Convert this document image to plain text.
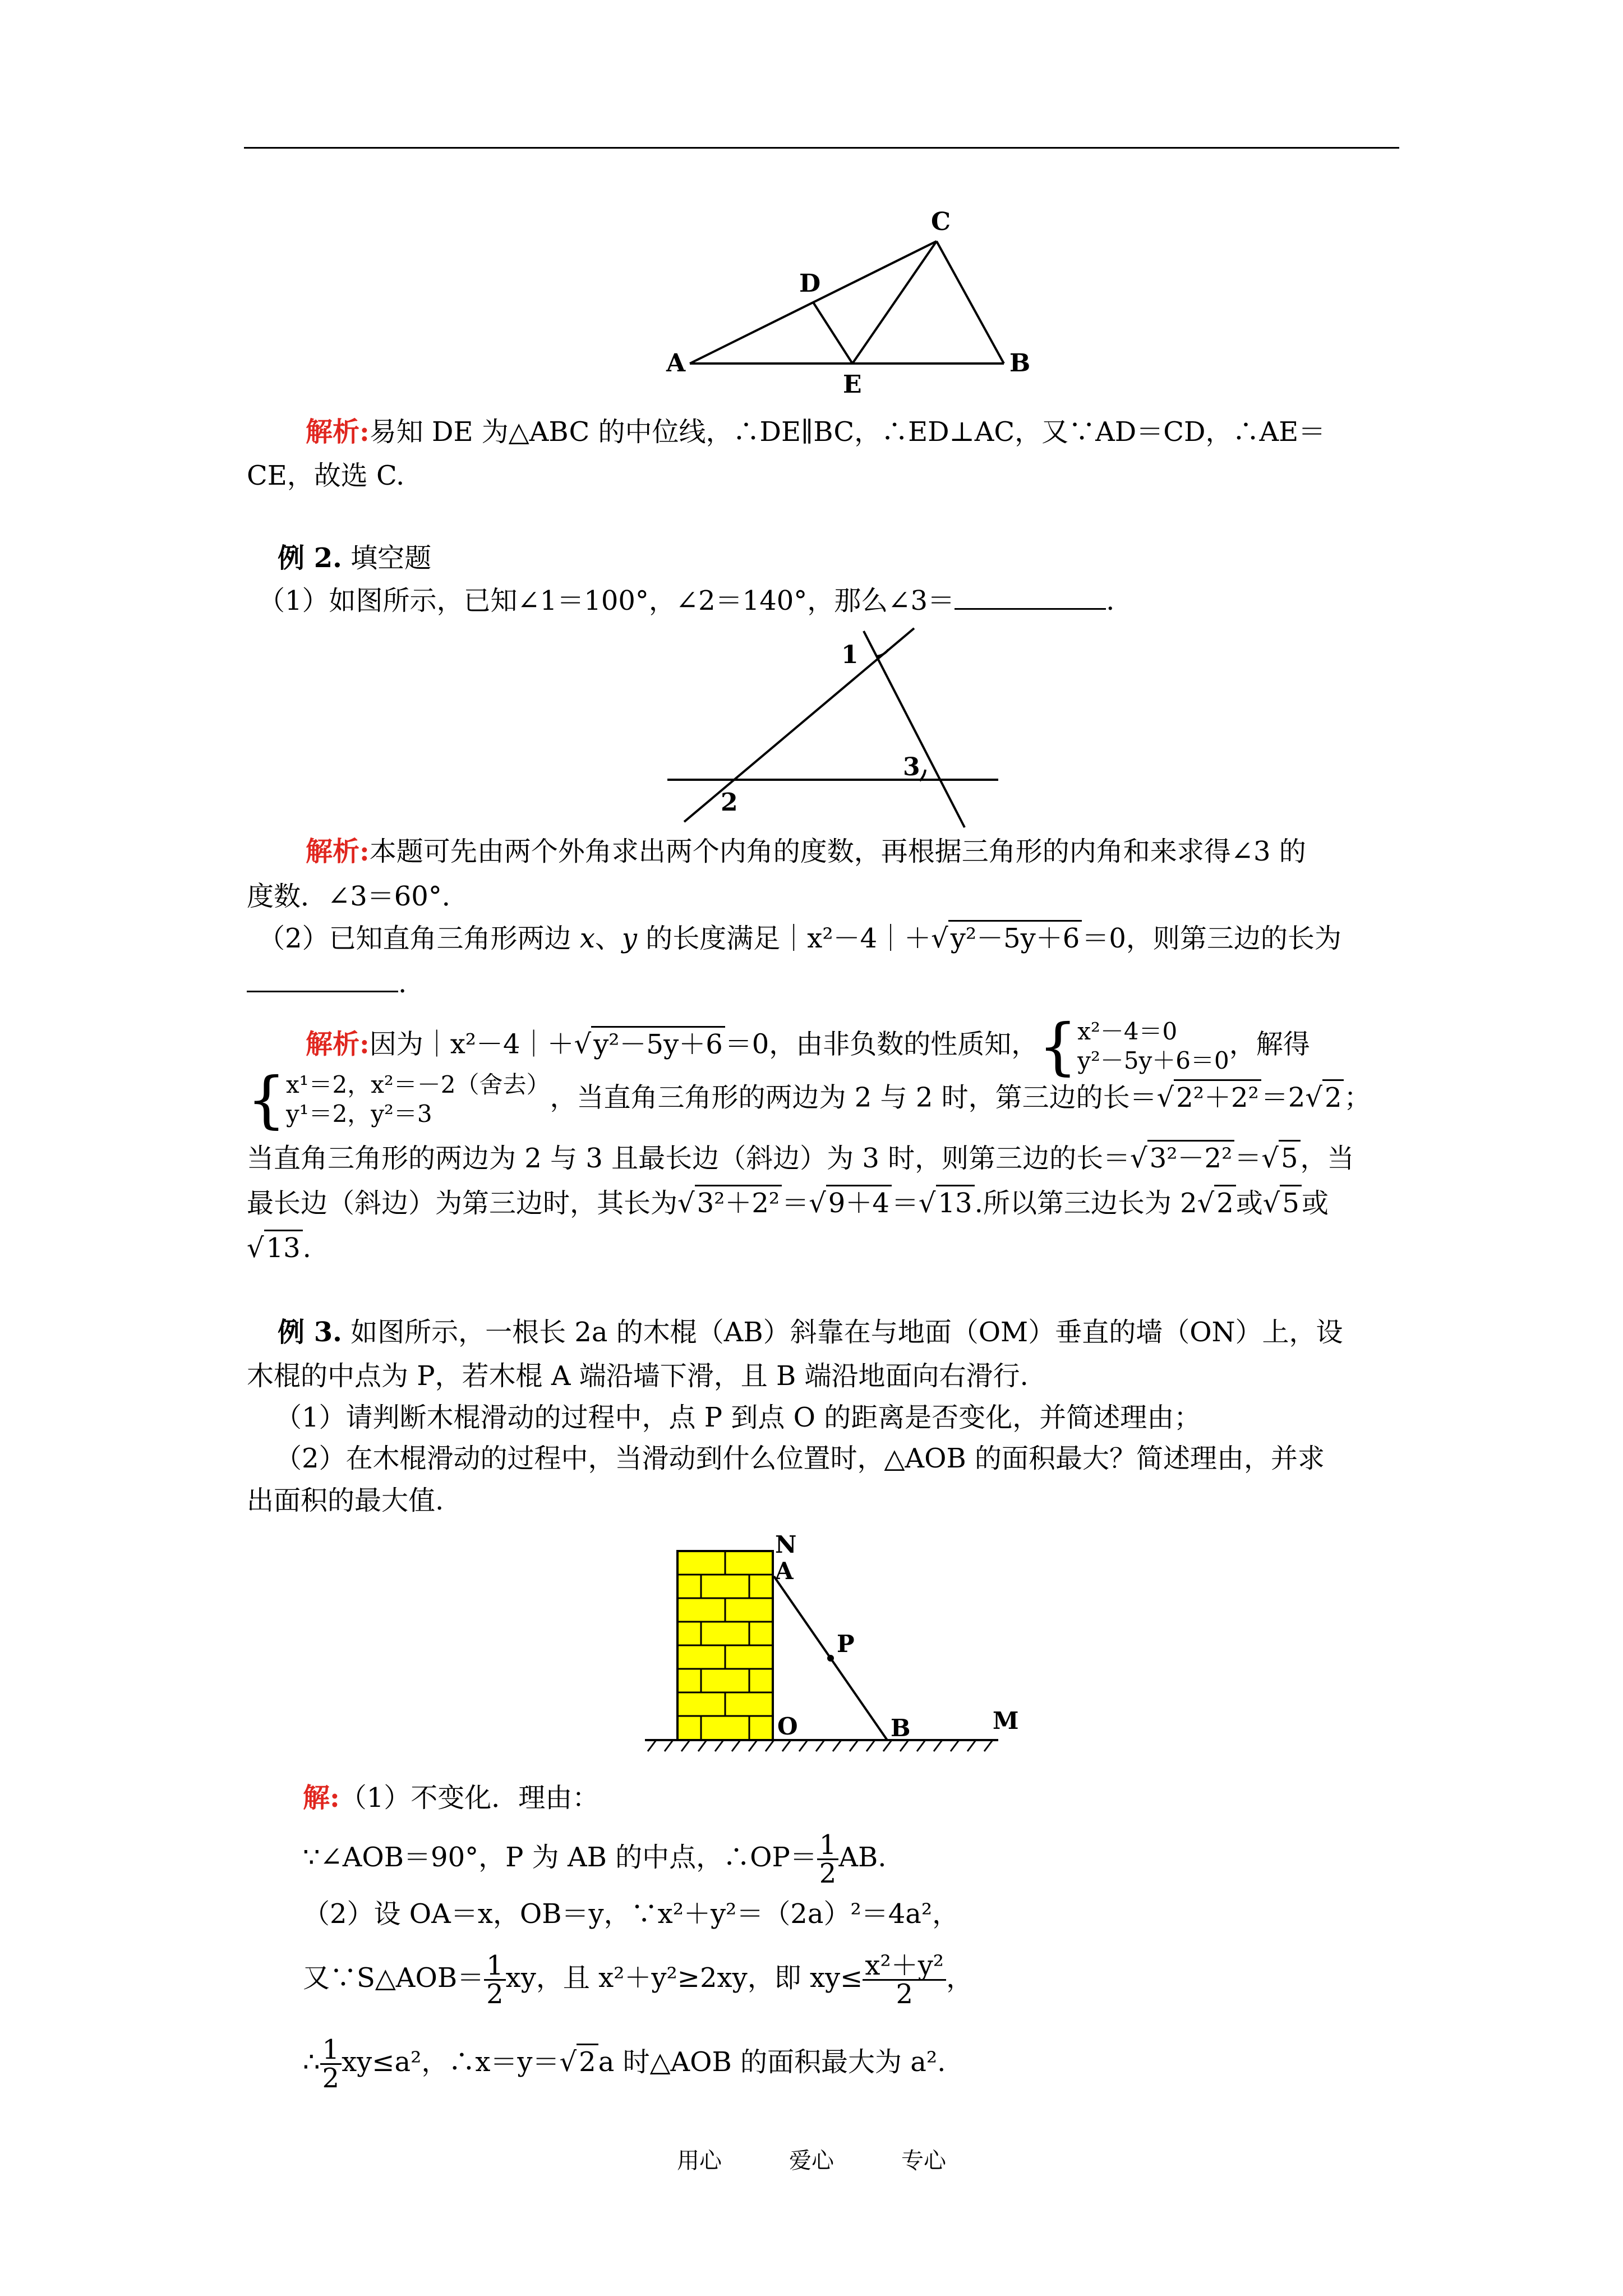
A	B
C
D
E
解析:易知 DE 为△ABC 的中位线，∴DE∥BC，∴ED⊥AC，又∵AD＝CD，∴AE＝
CE，故选 C.
例 2. 填空题
（1）如图所示，已知∠1＝100°，∠2＝140°，那么∠3＝	.
1
2
3
解析:本题可先由两个外角求出两个内角的度数，再根据三角形的内角和来求得∠3 的
度数．∠3＝60°．
（2）已知直角三角形两边 x、y 的长度满足｜x²－4｜＋√y²－5y＋6＝0，则第三边的长为
.
解析:因为｜x²－4｜＋√y²－5y＋6＝0，由非负数的性质知，{ x²－4＝0
y²－5y＋6＝0
，解得
{ x¹＝2，x²＝－2（舍去）
y¹＝2，y²＝3
，当直角三角形的两边为 2 与 2 时，第三边的长＝√2²＋2²＝2√2；
当直角三角形的两边为 2 与 3 且最长边（斜边）为 3 时，则第三边的长＝√3²－2²＝√5，当
最长边（斜边）为第三边时，其长为√3²＋2²＝√9＋4＝√13.所以第三边长为 2√2或√5或
√13.
例 3. 如图所示，一根长 2a 的木棍（AB）斜靠在与地面（OM）垂直的墙（ON）上，设
木棍的中点为 P，若木棍 A 端沿墙下滑，且 B 端沿地面向右滑行.
（1）请判断木棍滑动的过程中，点 P 到点 O 的距离是否变化，并简述理由；
（2）在木棍滑动的过程中，当滑动到什么位置时，△AOB 的面积最大？简述理由，并求
出面积的最大值.
N
A
P
O	B	M
解:（1）不变化．理由：
∵∠AOB＝90°，P 为 AB 的中点，∴OP＝ $\frac{1}{2}$ AB.
（2）设 OA＝x，OB＝y，∵x²＋y²＝（2a）²＝4a²，
又∵S△AOB＝ $\frac{1}{2}$ xy，且 x²＋y²≥2xy，即 $xy\le \frac{\text{x²＋y²}}{2}$ ，
∴ $\frac{1}{2} xy\le a^2$，∴x＝y＝√2a 时△AOB 的面积最大为 a².
用心	爱心	专心
